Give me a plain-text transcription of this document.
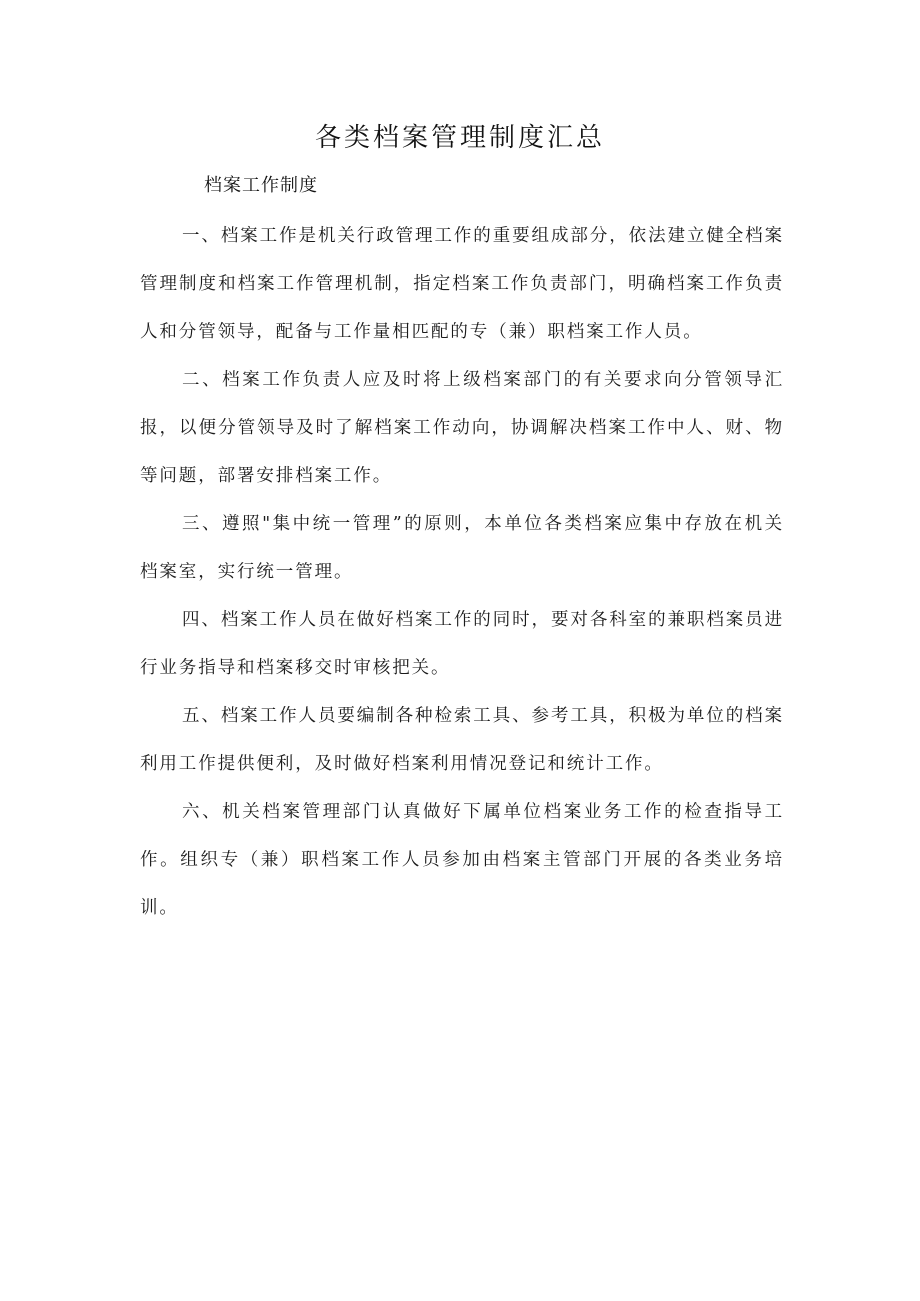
各类档案管理制度汇总
档案工作制度

一、档案工作是机关行政管理工作的重要组成部分，依法建立健全档案管理制度和档案工作管理机制，指定档案工作负责部门，明确档案工作负责人和分管领导，配备与工作量相匹配的专（兼）职档案工作人员。

二、档案工作负责人应及时将上级档案部门的有关要求向分管领导汇报，以便分管领导及时了解档案工作动向，协调解决档案工作中人、财、物等问题，部署安排档案工作。

三、遵照"集中统一管理”的原则，本单位各类档案应集中存放在机关档案室，实行统一管理。

四、档案工作人员在做好档案工作的同时，要对各科室的兼职档案员进行业务指导和档案移交时审核把关。

五、档案工作人员要编制各种检索工具、参考工具，积极为单位的档案利用工作提供便利，及时做好档案利用情况登记和统计工作。

六、机关档案管理部门认真做好下属单位档案业务工作的检查指导工作。组织专（兼）职档案工作人员参加由档案主管部门开展的各类业务培训。
